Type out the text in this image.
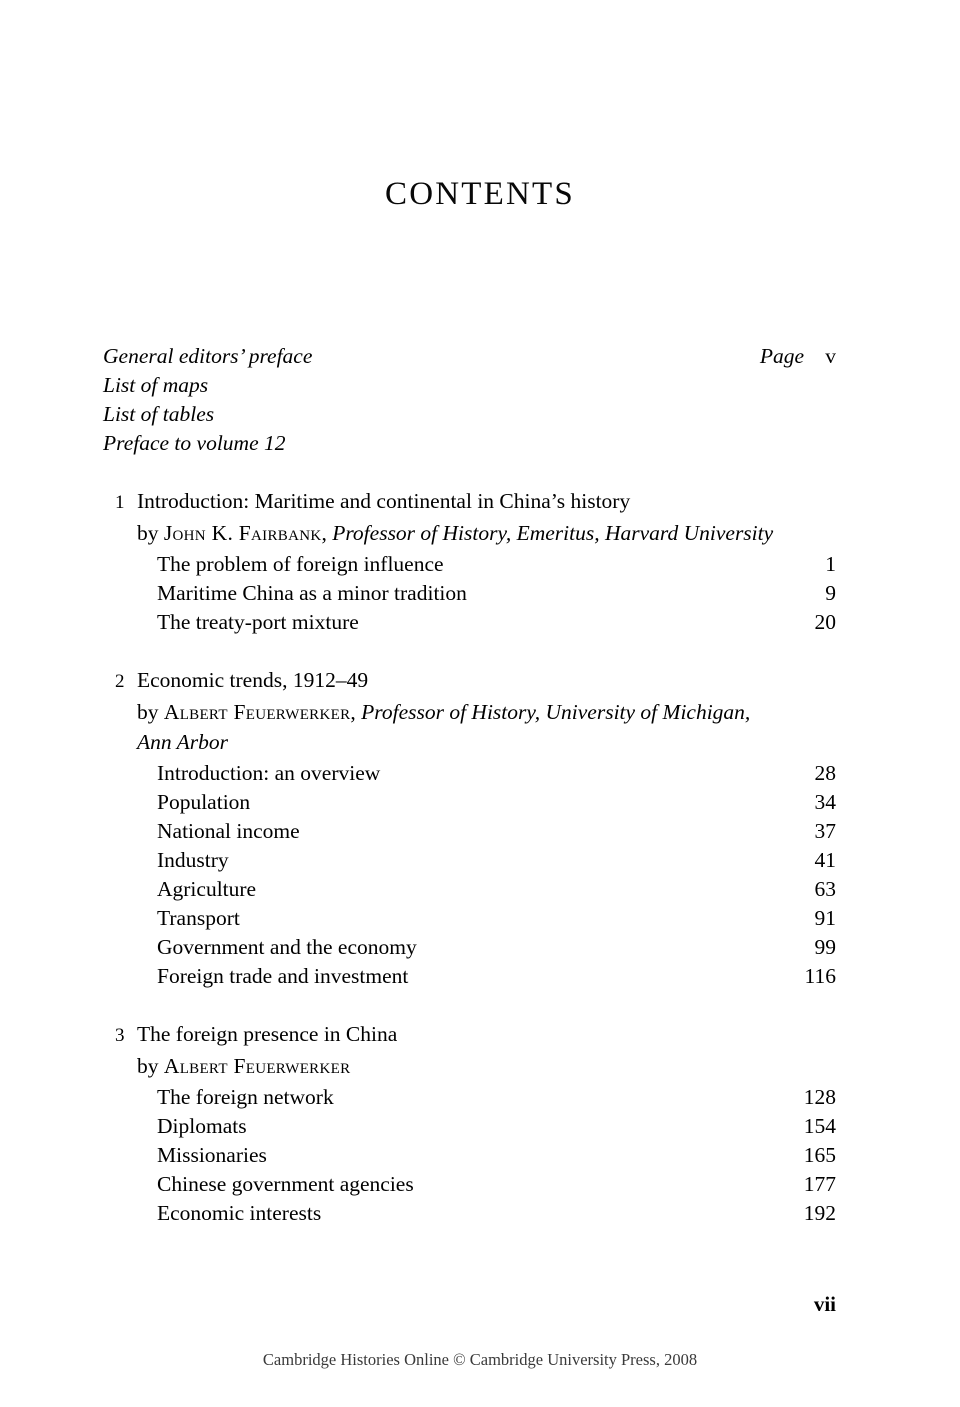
CONTENTS
General editors’ preface	Page v
List of maps
List of tables
Preface to volume 12
1 Introduction: Maritime and continental in China’s history
by John K. Fairbank, Professor of History, Emeritus, Harvard University
The problem of foreign influence	1
Maritime China as a minor tradition	9
The treaty-port mixture	20
2 Economic trends, 1912–49
by Albert Feuerwerker, Professor of History, University of Michigan,
Ann Arbor
Introduction: an overview	28
Population	34
National income	37
Industry	41
Agriculture	63
Transport	91
Government and the economy	99
Foreign trade and investment	116
3 The foreign presence in China
by Albert Feuerwerker
The foreign network	128
Diplomats	154
Missionaries	165
Chinese government agencies	177
Economic interests	192
vii
Cambridge Histories Online © Cambridge University Press, 2008
